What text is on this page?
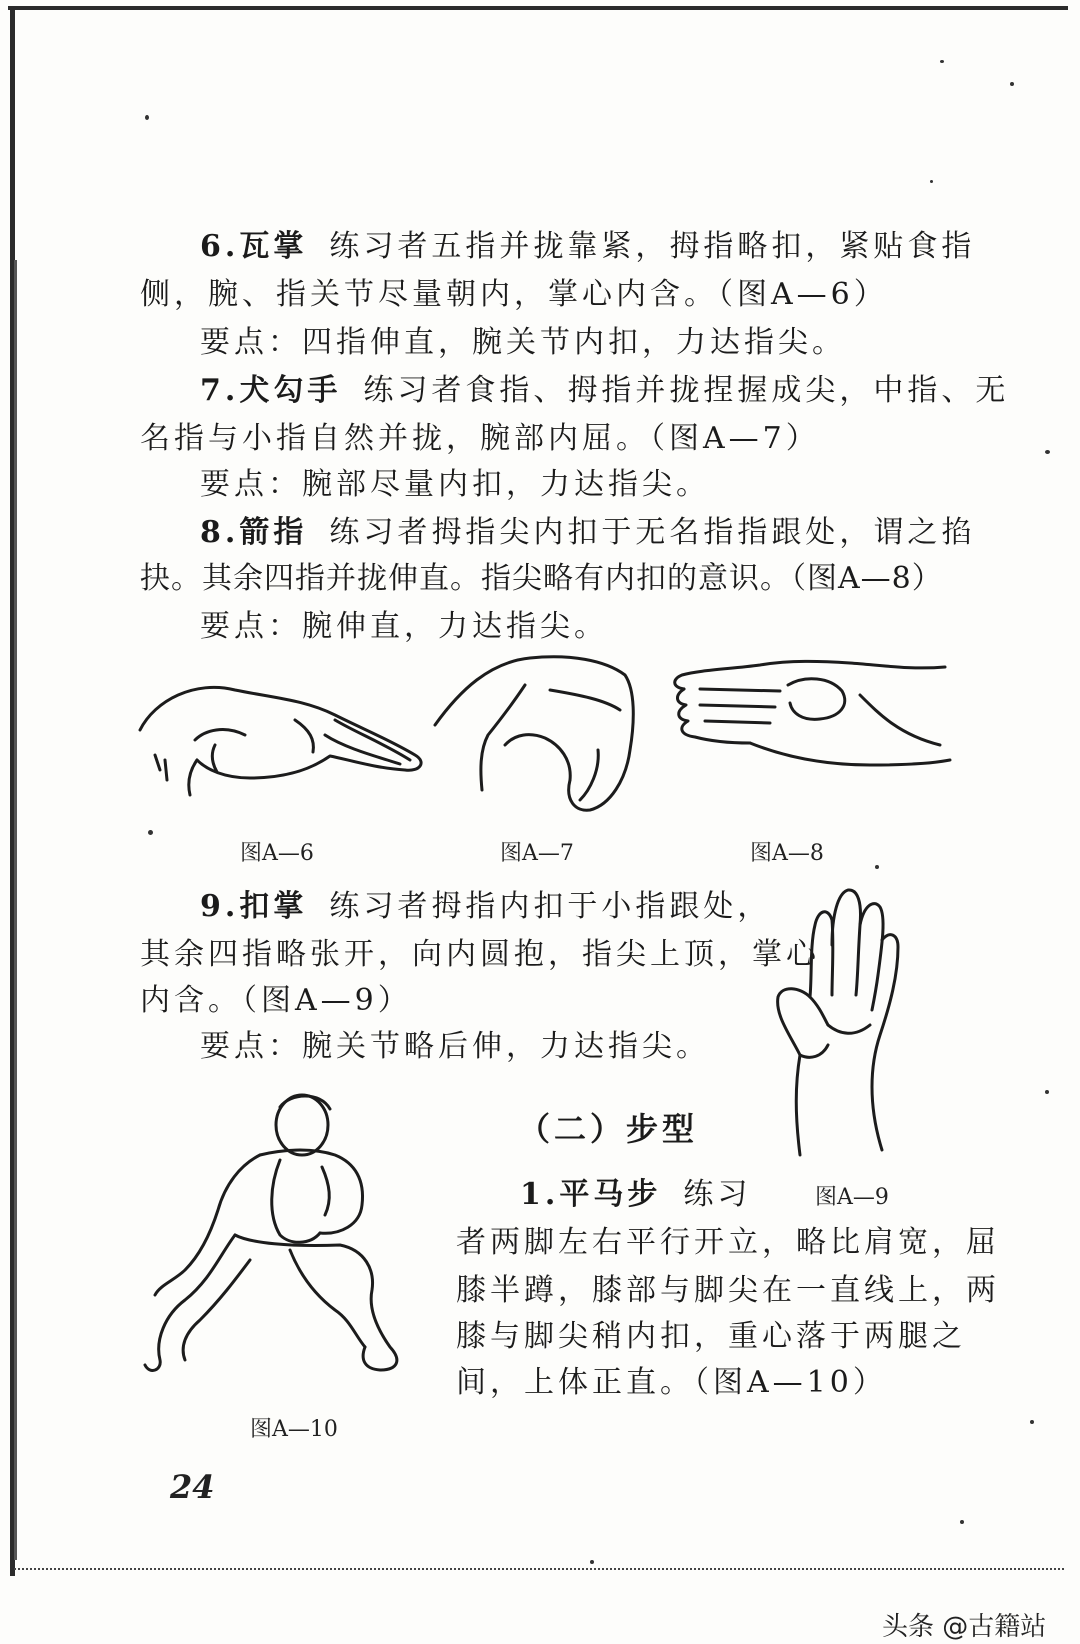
6.瓦掌 练习者五指并拢靠紧，拇指略扣，紧贴食指
侧，腕、指关节尽量朝内，掌心内含。（图A—6）
要点：四指伸直，腕关节内扣，力达指尖。
7.犬勾手 练习者食指、拇指并拢捏握成尖，中指、无
名指与小指自然并拢，腕部内屈。（图A—7）
要点：腕部尽量内扣，力达指尖。
8.箭指 练习者拇指尖内扣于无名指指跟处，谓之掐
抉。其余四指并拢伸直。指尖略有内扣的意识。（图A—8）
要点：腕伸直，力达指尖。
图A—6	图A—7	图A—8
9.扣掌 练习者拇指内扣于小指跟处，
其余四指略张开，向内圆抱，指尖上顶，掌心
内含。（图A—9）
要点：腕关节略后伸，力达指尖。
图A—9
（二）步型
1.平马步 练习
者两脚左右平行开立，略比肩宽，屈
膝半蹲，膝部与脚尖在一直线上，两
膝与脚尖稍内扣，重心落于两腿之
间，上体正直。（图A—10）
图A—10
24
头条 @古籍站
